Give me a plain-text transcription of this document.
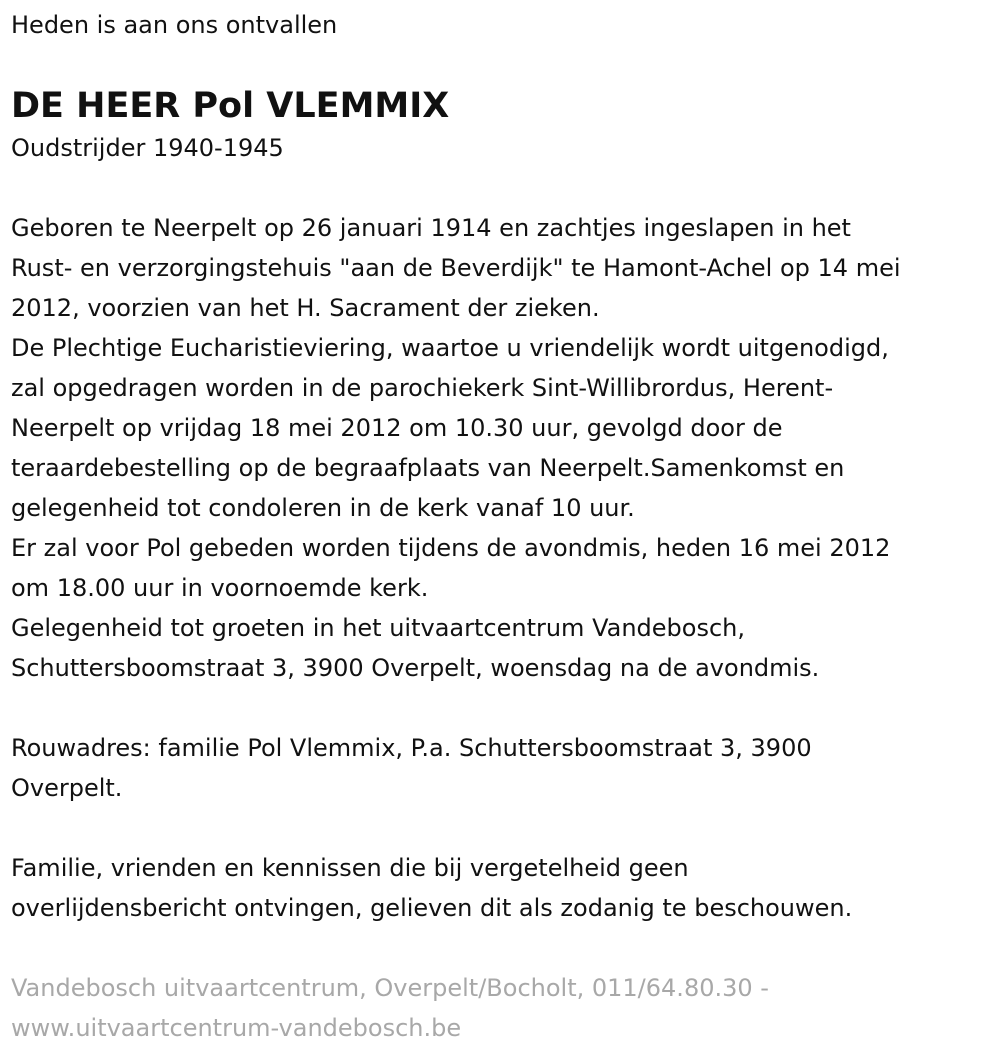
Heden is aan ons ontvallen

DE HEER Pol VLEMMIX

Oudstrijder 1940-1945

Geboren te Neerpelt op 26 januari 1914 en zachtjes ingeslapen in het
Rust- en verzorgingstehuis "aan de Beverdijk" te Hamont-Achel op 14 mei
2012, voorzien van het H. Sacrament der zieken.
De Plechtige Eucharistieviering, waartoe u vriendelijk wordt uitgenodigd,
zal opgedragen worden in de parochiekerk Sint-Willibrordus, Herent-
Neerpelt op vrijdag 18 mei 2012 om 10.30 uur, gevolgd door de
teraardebestelling op de begraafplaats van Neerpelt.Samenkomst en
gelegenheid tot condoleren in de kerk vanaf 10 uur.
Er zal voor Pol gebeden worden tijdens de avondmis, heden 16 mei 2012
om 18.00 uur in voornoemde kerk.
Gelegenheid tot groeten in het uitvaartcentrum Vandebosch,
Schuttersboomstraat 3, 3900 Overpelt, woensdag na de avondmis.

Rouwadres: familie Pol Vlemmix, P.a. Schuttersboomstraat 3, 3900
Overpelt.

Familie, vrienden en kennissen die bij vergetelheid geen
overlijdensbericht ontvingen, gelieven dit als zodanig te beschouwen.

Vandebosch uitvaartcentrum, Overpelt/Bocholt, 011/64.80.30 -
www.uitvaartcentrum-vandebosch.be
